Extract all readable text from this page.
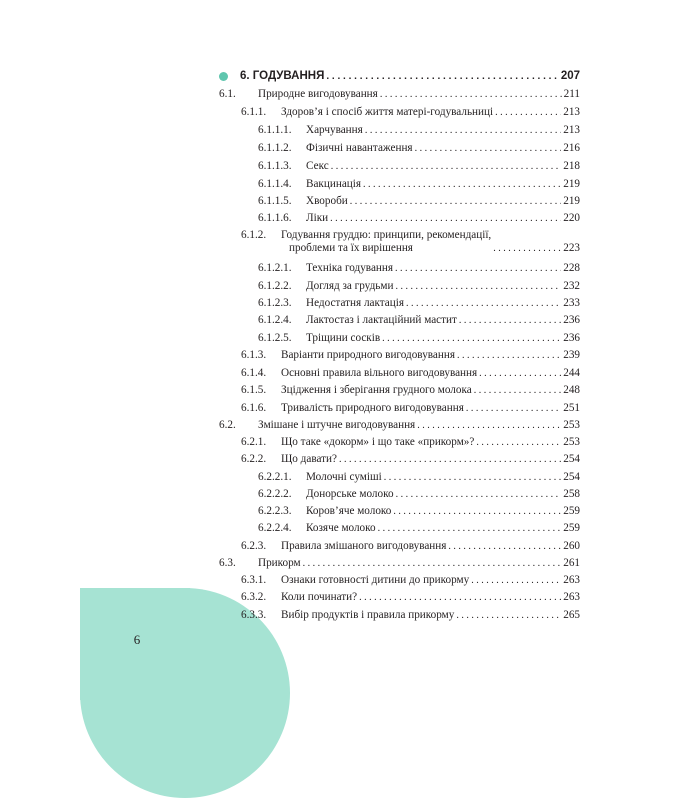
6
6. ГОДУВАННЯ . . .	207
6.1.	Природне вигодовування . . .	211
6.1.1.	Здоров’я і спосіб життя матері-годувальниці . . .	213
6.1.1.1.	Харчування . . .	213
6.1.1.2.	Фізичні навантаження . . .	216
6.1.1.3.	Секс . . .	218
6.1.1.4.	Вакцинація . . .	219
6.1.1.5.	Хвороби . . .	219
6.1.1.6.	Ліки . . .	220
6.1.2.	Годування груддю: принципи, рекомендації,
проблеми та їх вирішення . . .	223
6.1.2.1.	Техніка годування . . .	228
6.1.2.2.	Догляд за грудьми . . .	232
6.1.2.3.	Недостатня лактація . . .	233
6.1.2.4.	Лактостаз і лактаційний мастит . . .	236
6.1.2.5.	Тріщини сосків . . .	236
6.1.3.	Варіанти природного вигодовування . . .	239
6.1.4.	Основні правила вільного вигодовування . . .	244
6.1.5.	Зцідження і зберігання грудного молока . . .	248
6.1.6.	Тривалість природного вигодовування . . .	251
6.2.	Змішане і штучне вигодовування . . .	253
6.2.1.	Що таке «докорм» і що таке «прикорм»? . . .	253
6.2.2.	Що давати? . . .	254
6.2.2.1.	Молочні суміші . . .	254
6.2.2.2.	Донорське молоко . . .	258
6.2.2.3.	Коров’яче молоко . . .	259
6.2.2.4.	Козяче молоко . . .	259
6.2.3.	Правила змішаного вигодовування . . .	260
6.3.	Прикорм . . .	261
6.3.1.	Ознаки готовності дитини до прикорму . . .	263
6.3.2.	Коли починати? . . .	263
6.3.3.	Вибір продуктів і правила прикорму . . .	265
